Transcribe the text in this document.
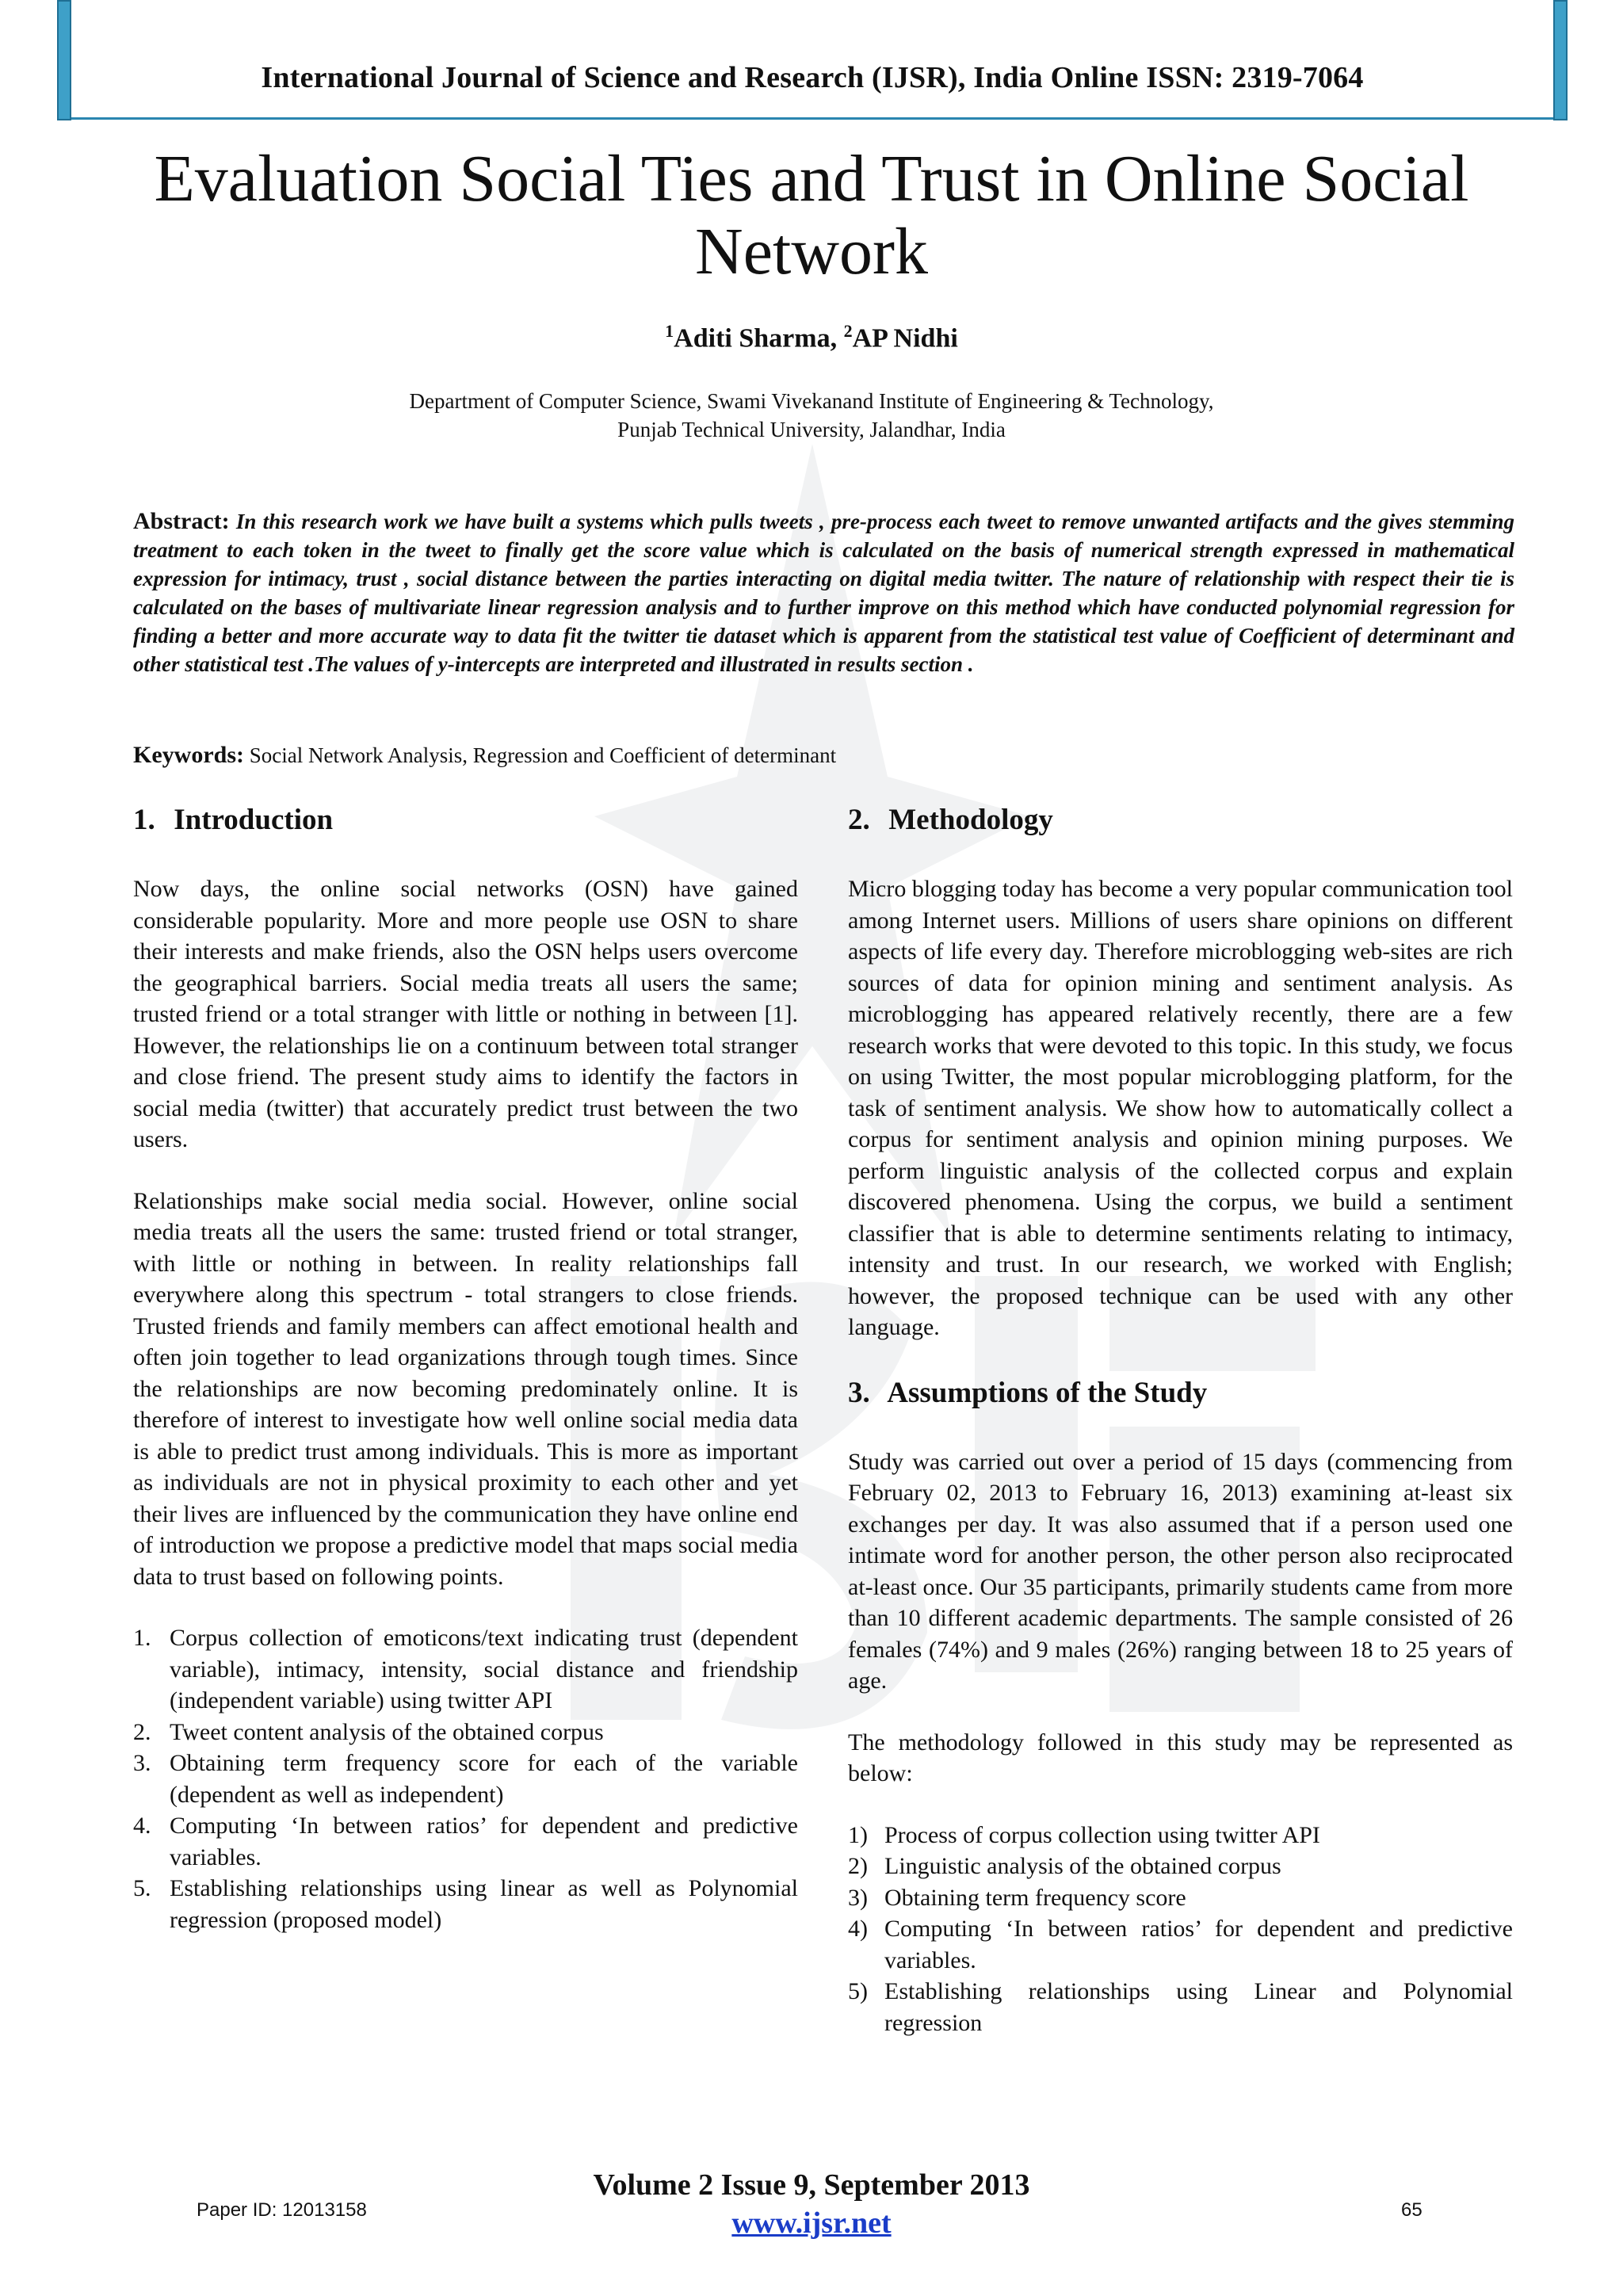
International Journal of Science and Research (IJSR), India Online ISSN: 2319-7064
Evaluation Social Ties and Trust in Online Social
Network
$^1$Aditi Sharma, $^2$AP Nidhi
Department of Computer Science, Swami Vivekanand Institute of Engineering & Technology,
Punjab Technical University, Jalandhar, India
Abstract: In this research work we have built a systems which pulls tweets , pre-process each tweet to remove unwanted artifacts and the gives stemming treatment to each token in the tweet to finally get the score value which is calculated on the basis of numerical strength expressed in mathematical expression for intimacy, trust , social distance between the parties interacting on digital media twitter. The nature of relationship with respect their tie is calculated on the bases of multivariate linear regression analysis and to further improve on this method which have conducted polynomial regression for finding a better and more accurate way to data fit the twitter tie dataset which is apparent from the statistical test value of Coefficient of determinant and other statistical test .The values of y-intercepts are interpreted and illustrated in results section .
Keywords: Social Network Analysis, Regression and Coefficient of determinant
1. Introduction

Now days, the online social networks (OSN) have gained considerable popularity. More and more people use OSN to share their interests and make friends, also the OSN helps users overcome the geographical barriers. Social media treats all users the same; trusted friend or a total stranger with little or nothing in between [1]. However, the relationships lie on a continuum between total stranger and close friend. The present study aims to identify the factors in social media (twitter) that accurately predict trust between the two users.

Relationships make social media social. However, online social media treats all the users the same: trusted friend or total stranger, with little or nothing in between. In reality relationships fall everywhere along this spectrum - total strangers to close friends. Trusted friends and family members can affect emotional health and often join together to lead organizations through tough times. Since the relationships are now becoming predominately online. It is therefore of interest to investigate how well online social media data is able to predict trust among individuals. This is more as important as individuals are not in physical proximity to each other and yet their lives are influenced by the communication they have online end of introduction we propose a predictive model that maps social media data to trust based on following points.

1. Corpus collection of emoticons/text indicating trust (dependent variable), intimacy, intensity, social distance and friendship (independent variable) using twitter API
2. Tweet content analysis of the obtained corpus
3. Obtaining term frequency score for each of the variable (dependent as well as independent)
4. Computing ‘In between ratios’ for dependent and predictive variables.
5. Establishing relationships using linear as well as Polynomial regression (proposed model)
2. Methodology

Micro blogging today has become a very popular communication tool among Internet users. Millions of users share opinions on different aspects of life every day. Therefore microblogging web-sites are rich sources of data for opinion mining and sentiment analysis. As microblogging has appeared relatively recently, there are a few research works that were devoted to this topic. In this study, we focus on using Twitter, the most popular microblogging platform, for the task of sentiment analysis. We show how to automatically collect a corpus for sentiment analysis and opinion mining purposes. We perform linguistic analysis of the collected corpus and explain discovered phenomena. Using the corpus, we build a sentiment classifier that is able to determine sentiments relating to intimacy, intensity and trust. In our research, we worked with English; however, the proposed technique can be used with any other language.

3. Assumptions of the Study

Study was carried out over a period of 15 days (commencing from February 02, 2013 to February 16, 2013) examining at-least six exchanges per day. It was also assumed that if a person used one intimate word for another person, the other person also reciprocated at-least once. Our 35 participants, primarily students came from more than 10 different academic departments. The sample consisted of 26 females (74%) and 9 males (26%) ranging between 18 to 25 years of age.

The methodology followed in this study may be represented as below:

1) Process of corpus collection using twitter API
2) Linguistic analysis of the obtained corpus
3) Obtaining term frequency score
4) Computing ‘In between ratios’ for dependent and predictive variables.
5) Establishing relationships using Linear and Polynomial regression
Volume 2 Issue 9, September 2013
www.ijsr.net
Paper ID: 12013158	65
